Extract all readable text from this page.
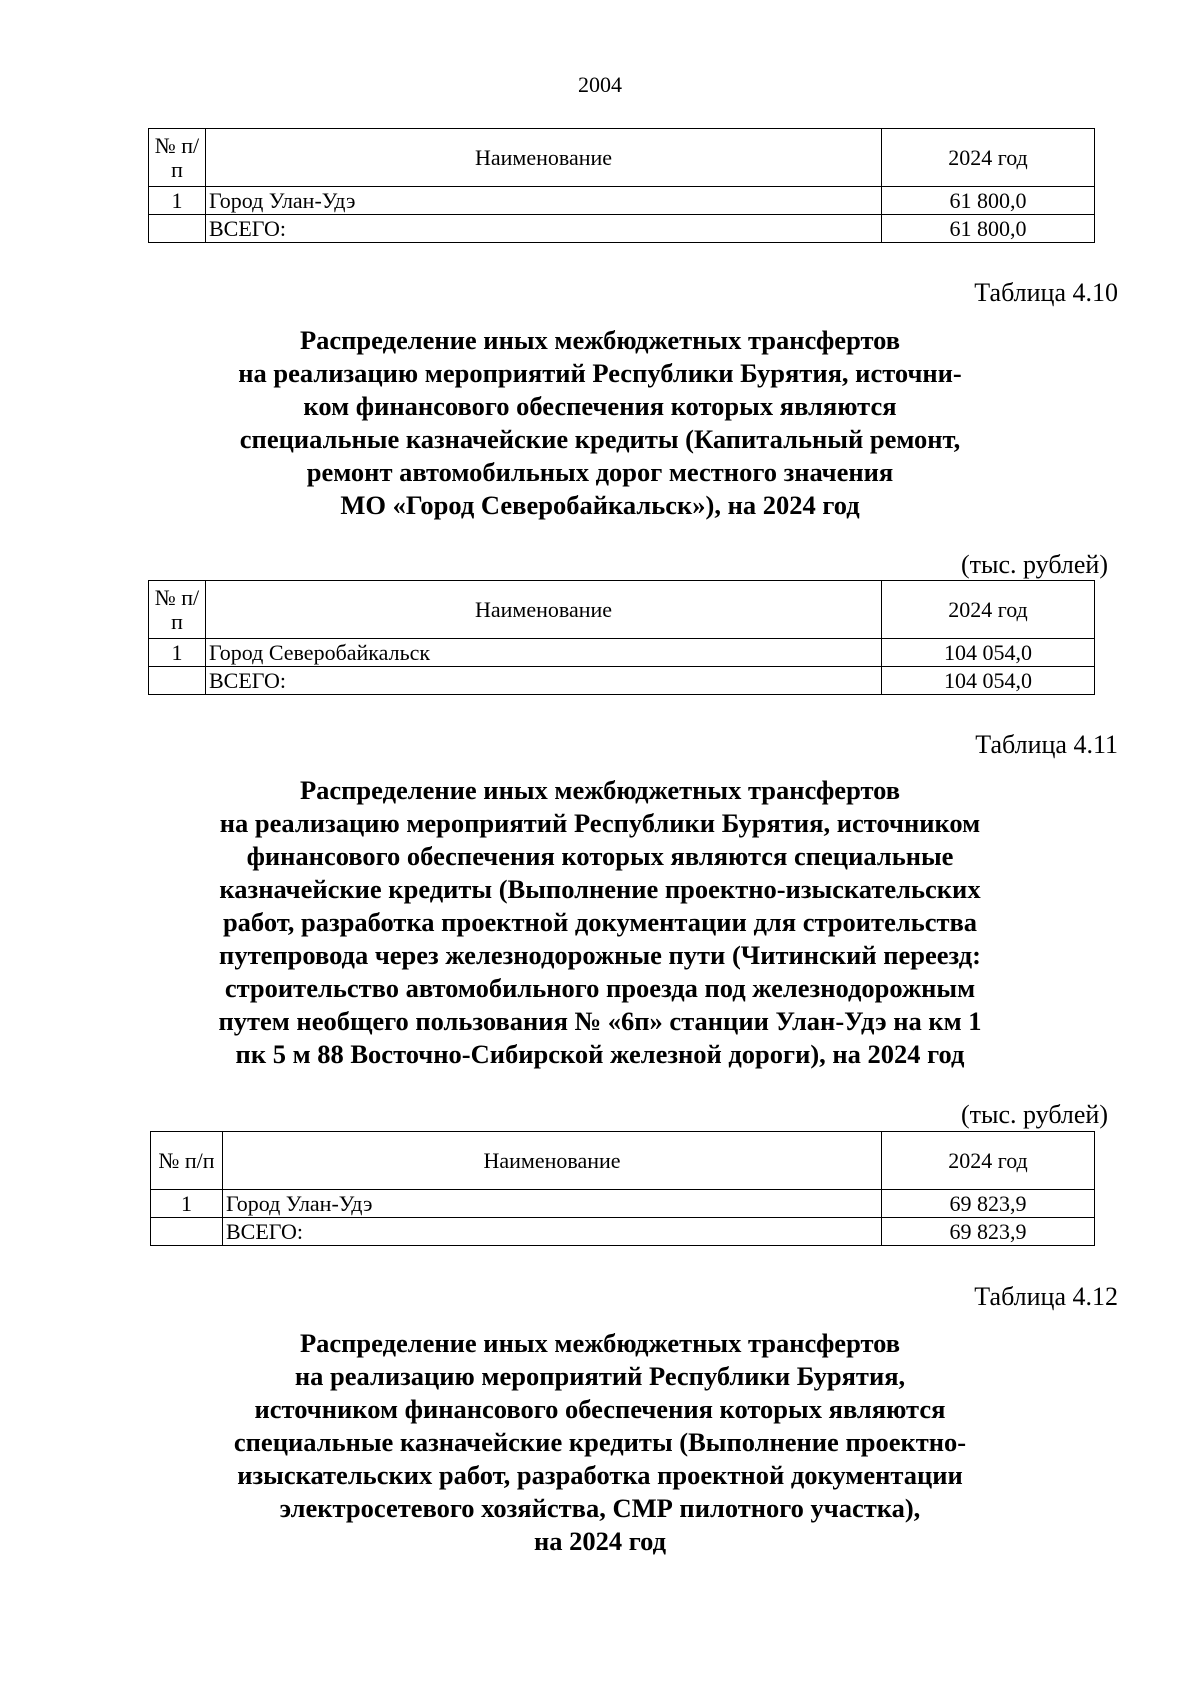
2004
№ п/п	Наименование	2024 год
1	Город Улан-Удэ	61 800,0
	ВСЕГО:	61 800,0
Таблица 4.10
Распределение иных межбюджетных трансфертов
на реализацию мероприятий Республики Бурятия, источни-
ком финансового обеспечения которых являются
специальные казначейские кредиты (Капитальный ремонт,
ремонт автомобильных дорог местного значения
МО «Город Северобайкальск»), на 2024 год
(тыс. рублей)
№ п/п	Наименование	2024 год
1	Город Северобайкальск	104 054,0
	ВСЕГО:	104 054,0
Таблица 4.11
Распределение иных межбюджетных трансфертов
на реализацию мероприятий Республики Бурятия, источником
финансового обеспечения которых являются специальные
казначейские кредиты (Выполнение проектно-изыскательских
работ, разработка проектной документации для строительства
путепровода через железнодорожные пути (Читинский переезд:
строительство автомобильного проезда под железнодорожным
путем необщего пользования № «6п» станции Улан-Удэ на км 1
пк 5 м 88 Восточно-Сибирской железной дороги), на 2024 год
(тыс. рублей)
№ п/п	Наименование	2024 год
1	Город Улан-Удэ	69 823,9
	ВСЕГО:	69 823,9
Таблица 4.12
Распределение иных межбюджетных трансфертов
на реализацию мероприятий Республики Бурятия,
источником финансового обеспечения которых являются
специальные казначейские кредиты (Выполнение проектно-
изыскательских работ, разработка проектной документации
электросетевого хозяйства, СМР пилотного участка),
на 2024 год
